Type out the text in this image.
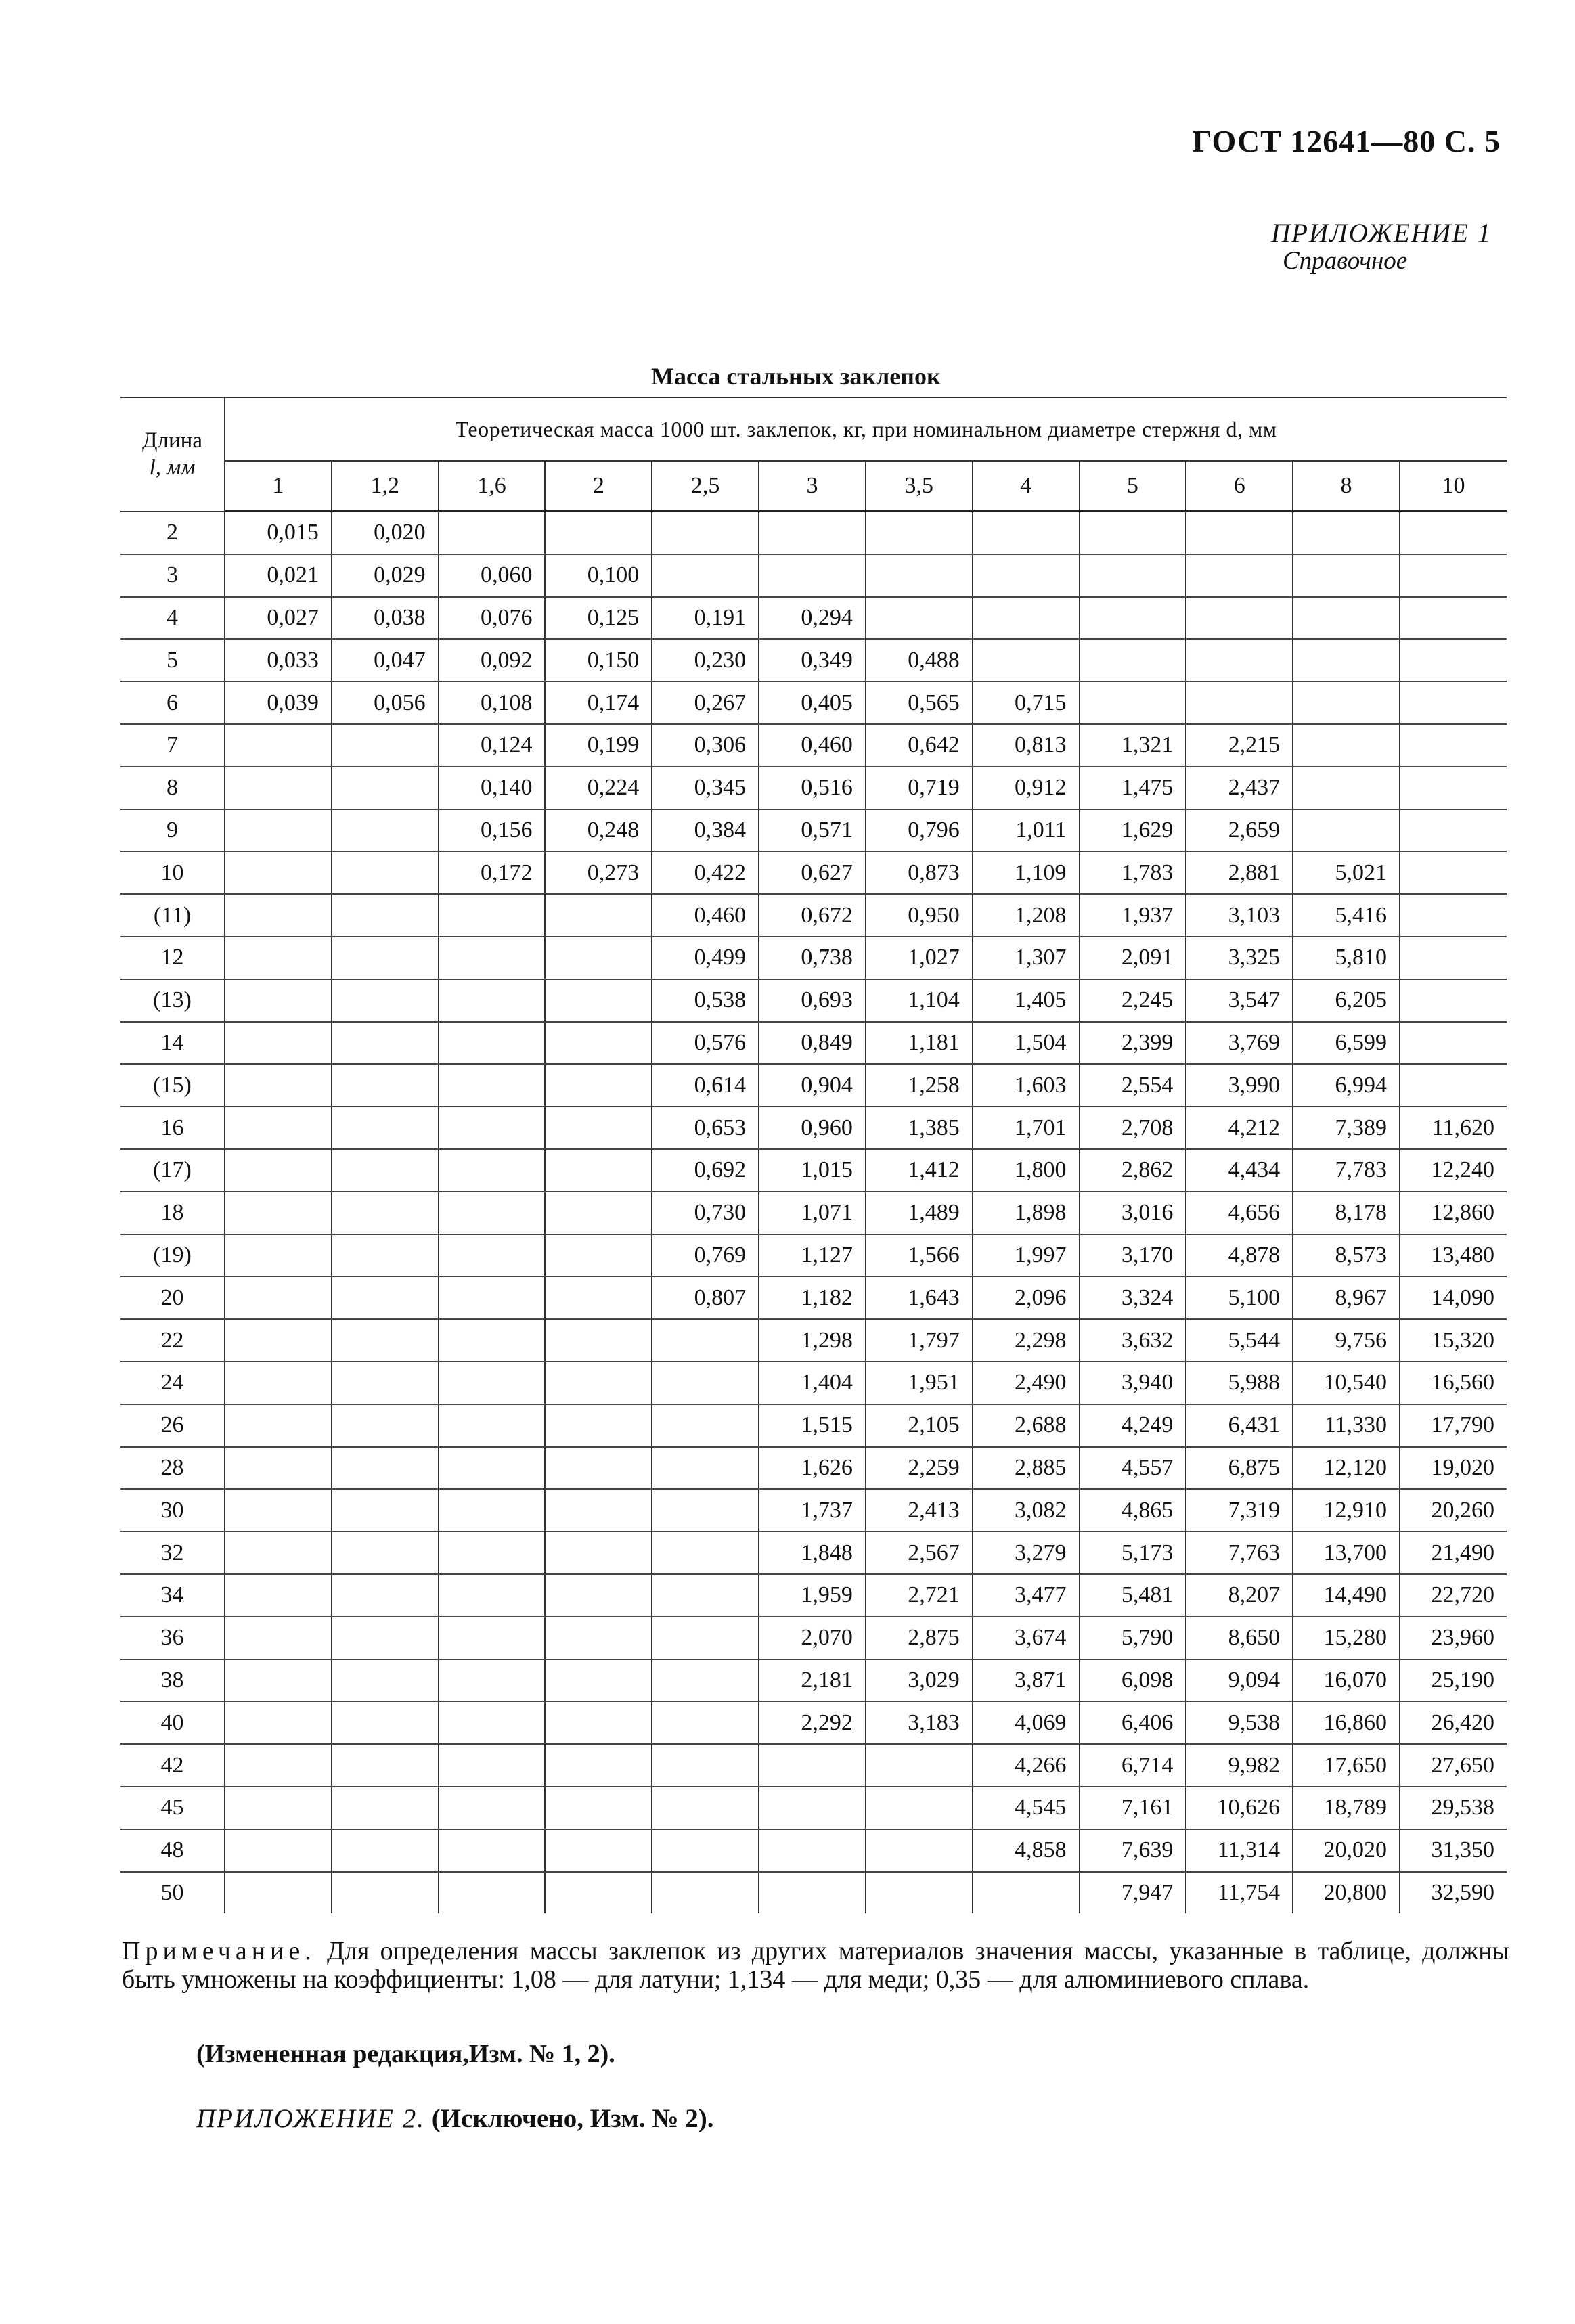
ГОСТ 12641—80 С. 5
ПРИЛОЖЕНИЕ 1
Справочное
Масса стальных заклепок
Длина
l, мм	Теоретическая масса 1000 шт. заклепок, кг, при номинальном диаметре стержня d, мм											
	1	1,2	1,6	2	2,5	3	3,5	4	5	6	8	10
2	0,015	0,020										
3	0,021	0,029	0,060	0,100								
4	0,027	0,038	0,076	0,125	0,191	0,294						
5	0,033	0,047	0,092	0,150	0,230	0,349	0,488					
6	0,039	0,056	0,108	0,174	0,267	0,405	0,565	0,715				
7			0,124	0,199	0,306	0,460	0,642	0,813	1,321	2,215		
8			0,140	0,224	0,345	0,516	0,719	0,912	1,475	2,437		
9			0,156	0,248	0,384	0,571	0,796	1,011	1,629	2,659		
10			0,172	0,273	0,422	0,627	0,873	1,109	1,783	2,881	5,021	
(11)					0,460	0,672	0,950	1,208	1,937	3,103	5,416	
12					0,499	0,738	1,027	1,307	2,091	3,325	5,810	
(13)					0,538	0,693	1,104	1,405	2,245	3,547	6,205	
14					0,576	0,849	1,181	1,504	2,399	3,769	6,599	
(15)					0,614	0,904	1,258	1,603	2,554	3,990	6,994	
16					0,653	0,960	1,385	1,701	2,708	4,212	7,389	11,620
(17)					0,692	1,015	1,412	1,800	2,862	4,434	7,783	12,240
18					0,730	1,071	1,489	1,898	3,016	4,656	8,178	12,860
(19)					0,769	1,127	1,566	1,997	3,170	4,878	8,573	13,480
20					0,807	1,182	1,643	2,096	3,324	5,100	8,967	14,090
22						1,298	1,797	2,298	3,632	5,544	9,756	15,320
24						1,404	1,951	2,490	3,940	5,988	10,540	16,560
26						1,515	2,105	2,688	4,249	6,431	11,330	17,790
28						1,626	2,259	2,885	4,557	6,875	12,120	19,020
30						1,737	2,413	3,082	4,865	7,319	12,910	20,260
32						1,848	2,567	3,279	5,173	7,763	13,700	21,490
34						1,959	2,721	3,477	5,481	8,207	14,490	22,720
36						2,070	2,875	3,674	5,790	8,650	15,280	23,960
38						2,181	3,029	3,871	6,098	9,094	16,070	25,190
40						2,292	3,183	4,069	6,406	9,538	16,860	26,420
42								4,266	6,714	9,982	17,650	27,650
45								4,545	7,161	10,626	18,789	29,538
48								4,858	7,639	11,314	20,020	31,350
50									7,947	11,754	20,800	32,590
Примечание. Для определения массы заклепок из других материалов значения массы, указанные в таблице, должны быть умножены на коэффициенты: 1,08 — для латуни; 1,134 — для меди; 0,35 — для алюминиевого сплава.
(Измененная редакция,Изм. № 1, 2).
ПРИЛОЖЕНИЕ 2. (Исключено, Изм. № 2).
